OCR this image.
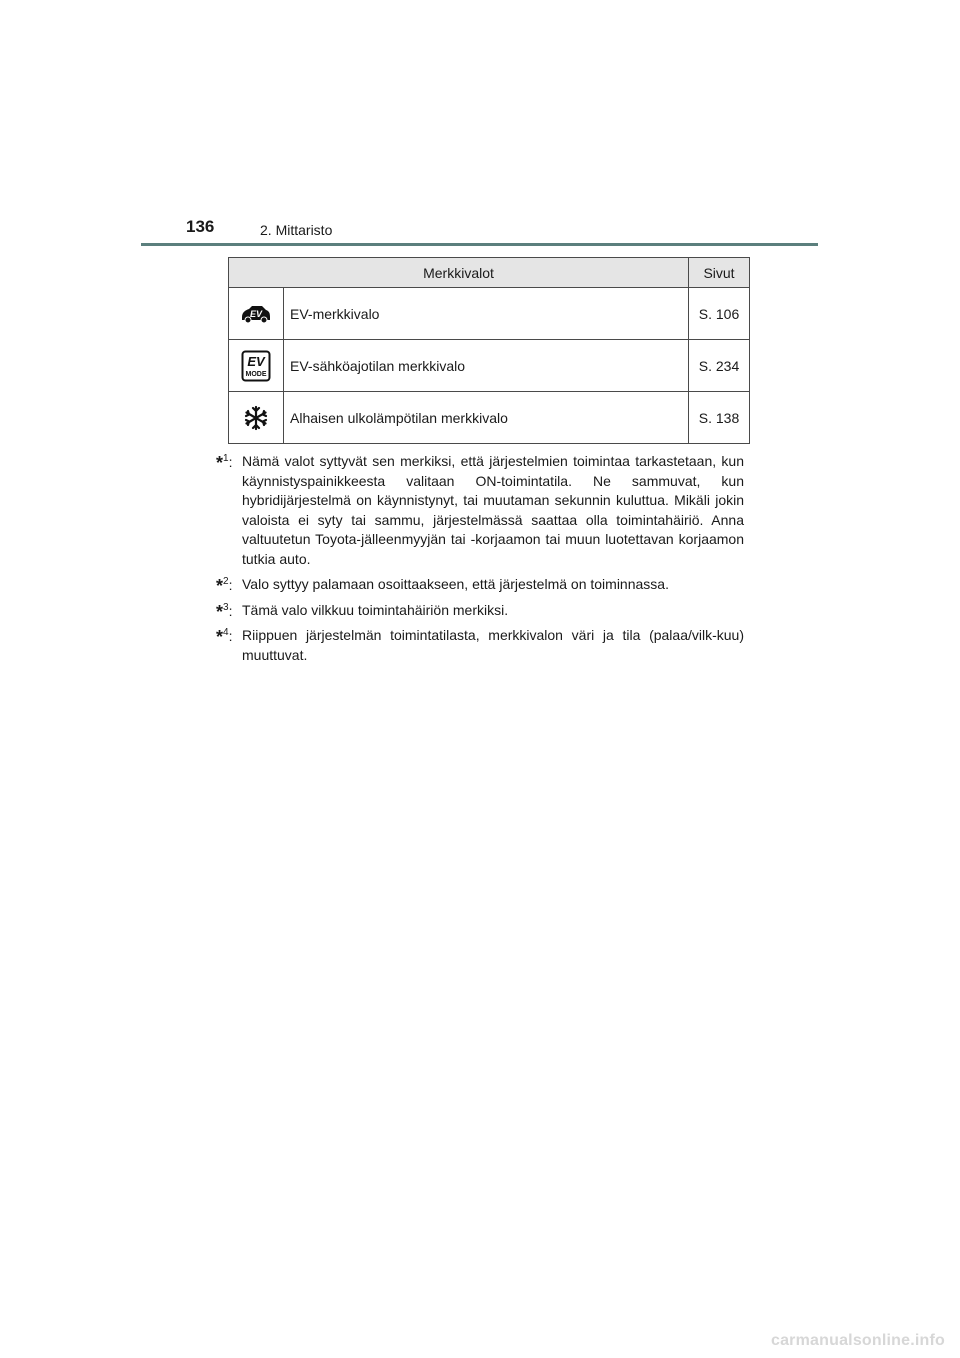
136	2. Mittaristo
Merkkivalot		Sivut

EV	EV-merkkivalo	S. 106

EV
MODE	EV-sähköajotilan merkkivalo	S. 234
	Alhaisen ulkolämpötilan merkkivalo	S. 138
*$^1$: Nämä valot syttyvät sen merkiksi, että järjestelmien toimintaa tarkastetaan, kun käynnistyspainikkeesta valitaan ON-toimintatila. Ne sammuvat, kun hybridijärjestelmä on käynnistynyt, tai muutaman sekunnin kuluttua. Mikäli jokin valoista ei syty tai sammu, järjestelmässä saattaa olla toimintahäiriö. Anna valtuutetun Toyota-jälleenmyyjän tai -korjaamon tai muun luotettavan korjaamon tutkia auto.
*$^2$: Valo syttyy palamaan osoittaakseen, että järjestelmä on toiminnassa.
*$^3$: Tämä valo vilkkuu toimintahäiriön merkiksi.
*$^4$: Riippuen järjestelmän toimintatilasta, merkkivalon väri ja tila (palaa/vilk-kuu) muuttuvat.
carmanualsonline.info
